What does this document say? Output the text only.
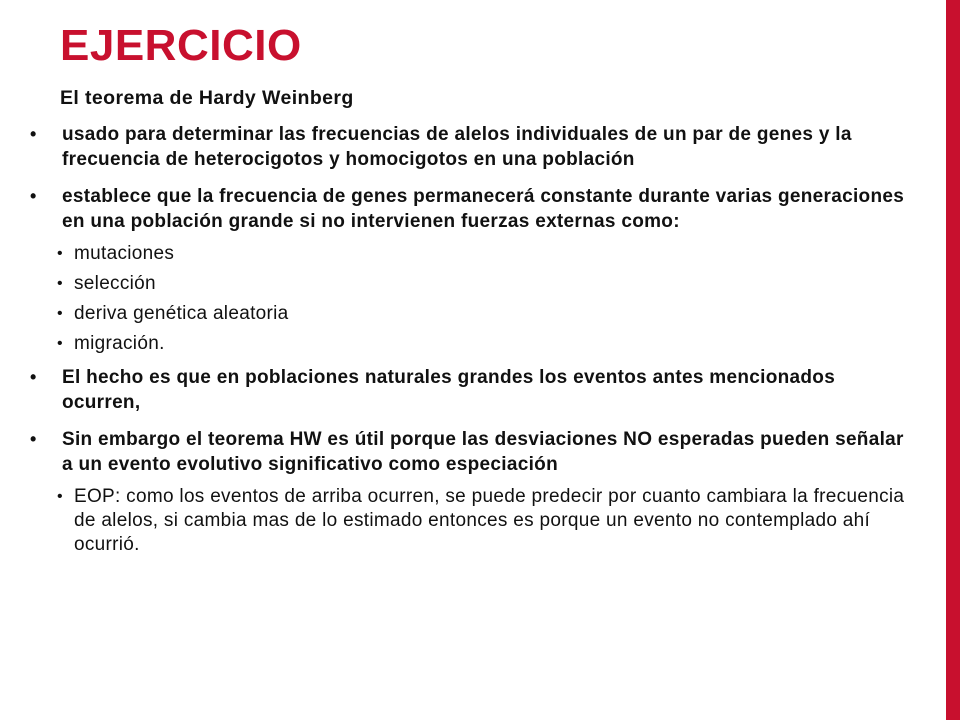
EJERCICIO

El teorema de Hardy Weinberg

• usado para determinar las frecuencias de alelos individuales de un par de genes y la frecuencia de heterocigotos y homocigotos en una población

• establece que la frecuencia de genes permanecerá constante durante varias generaciones en una población grande si no intervienen fuerzas externas como:

• mutaciones

• selección

• deriva genética aleatoria

• migración.

• El hecho es que en poblaciones naturales grandes los eventos antes mencionados ocurren,

• Sin embargo el teorema HW es útil porque las desviaciones NO esperadas pueden señalar a un evento evolutivo significativo como especiación

• EOP: como los eventos de arriba ocurren, se puede predecir por cuanto cambiara la frecuencia de alelos, si cambia mas de lo estimado entonces es porque un evento no contemplado ahí ocurrió.
